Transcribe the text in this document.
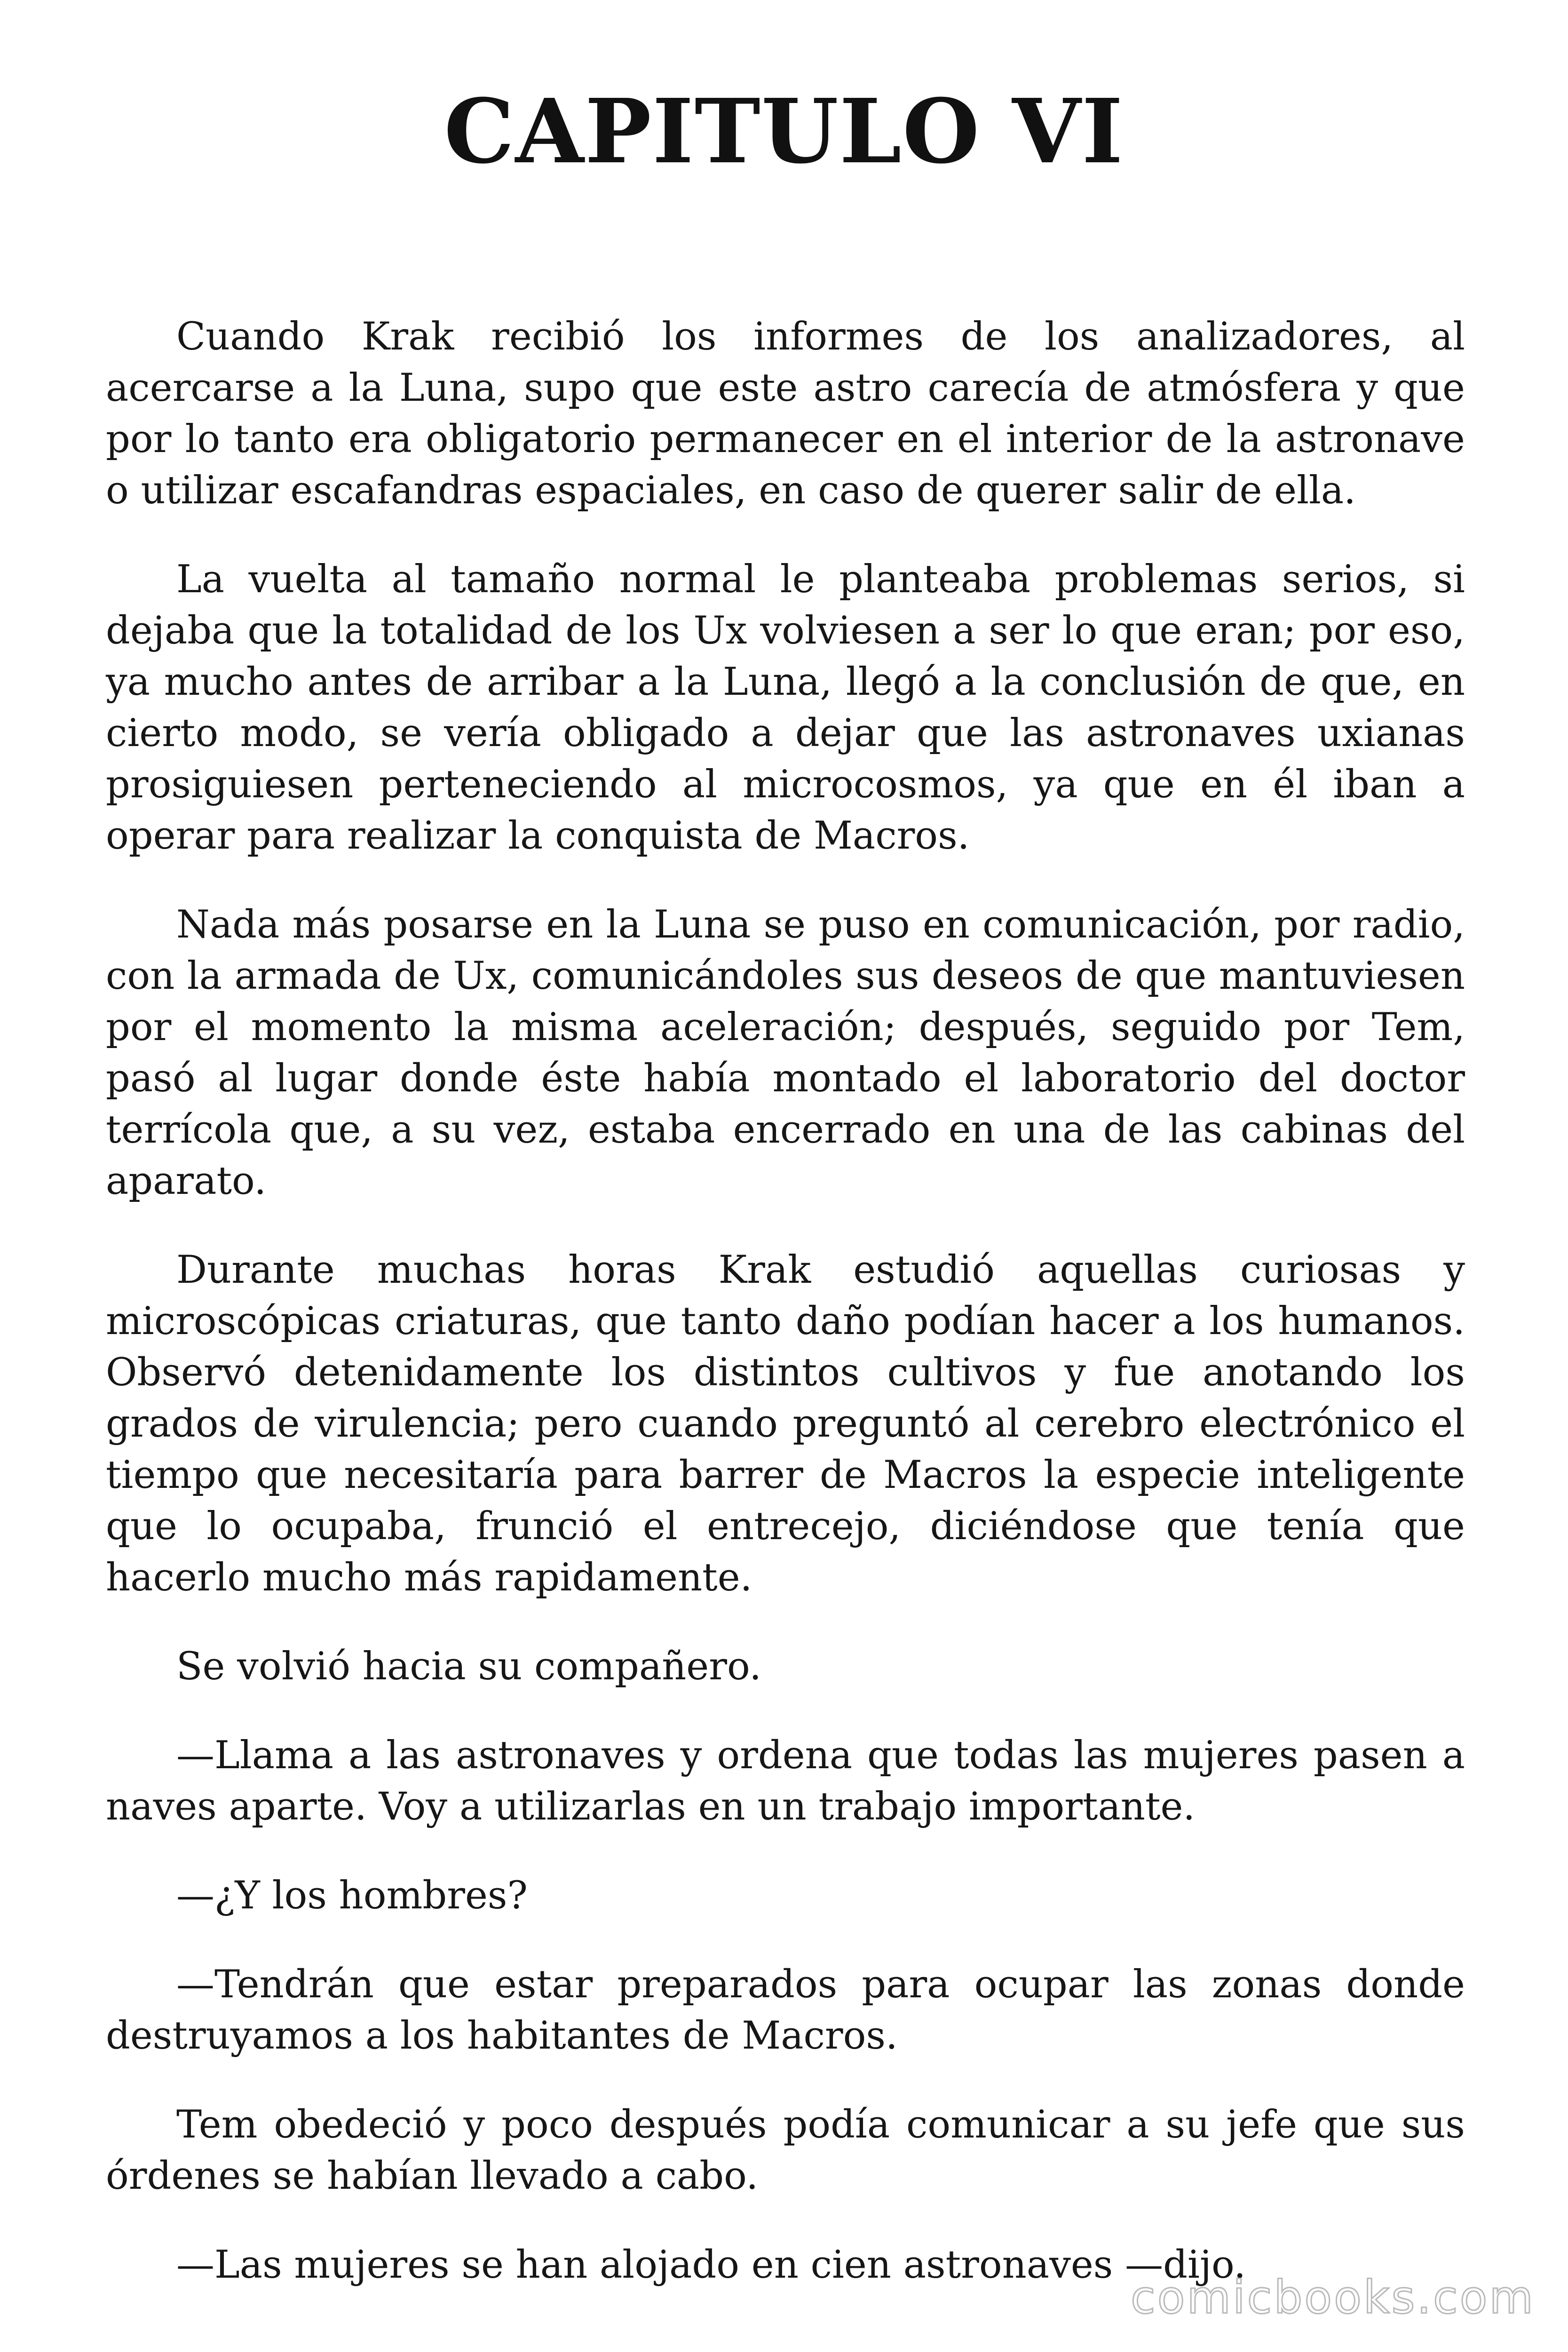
CAPITULO VI

Cuando Krak recibió los informes de los analizadores, al acercarse a la Luna, supo que este astro carecía de atmósfera y que por lo tanto era obligatorio permanecer en el interior de la astronave o utilizar escafandras espaciales, en caso de querer salir de ella.

La vuelta al tamaño normal le planteaba problemas serios, si dejaba que la totalidad de los Ux volviesen a ser lo que eran; por eso, ya mucho antes de arribar a la Luna, llegó a la conclusión de que, en cierto modo, se vería obligado a dejar que las astronaves uxianas prosiguiesen perteneciendo al microcosmos, ya que en él iban a operar para realizar la conquista de Macros.

Nada más posarse en la Luna se puso en comunicación, por radio, con la armada de Ux, comunicándoles sus deseos de que mantuviesen por el momento la misma aceleración; después, seguido por Tem, pasó al lugar donde éste había montado el laboratorio del doctor terrícola que, a su vez, estaba encerrado en una de las cabinas del aparato.

Durante muchas horas Krak estudió aquellas curiosas y microscópicas criaturas, que tanto daño podían hacer a los humanos. Observó detenidamente los distintos cultivos y fue anotando los grados de virulencia; pero cuando preguntó al cerebro electrónico el tiempo que necesitaría para barrer de Macros la especie inteligente que lo ocupaba, frunció el entrecejo, diciéndose que tenía que hacerlo mucho más rapidamente.

Se volvió hacia su compañero.

—Llama a las astronaves y ordena que todas las mujeres pasen a naves aparte. Voy a utilizarlas en un trabajo importante.

—¿Y los hombres?

—Tendrán que estar preparados para ocupar las zonas donde destruyamos a los habitantes de Macros.

Tem obedeció y poco después podía comunicar a su jefe que sus órdenes se habían llevado a cabo.

—Las mujeres se han alojado en cien astronaves —dijo.

comicbooks.com
